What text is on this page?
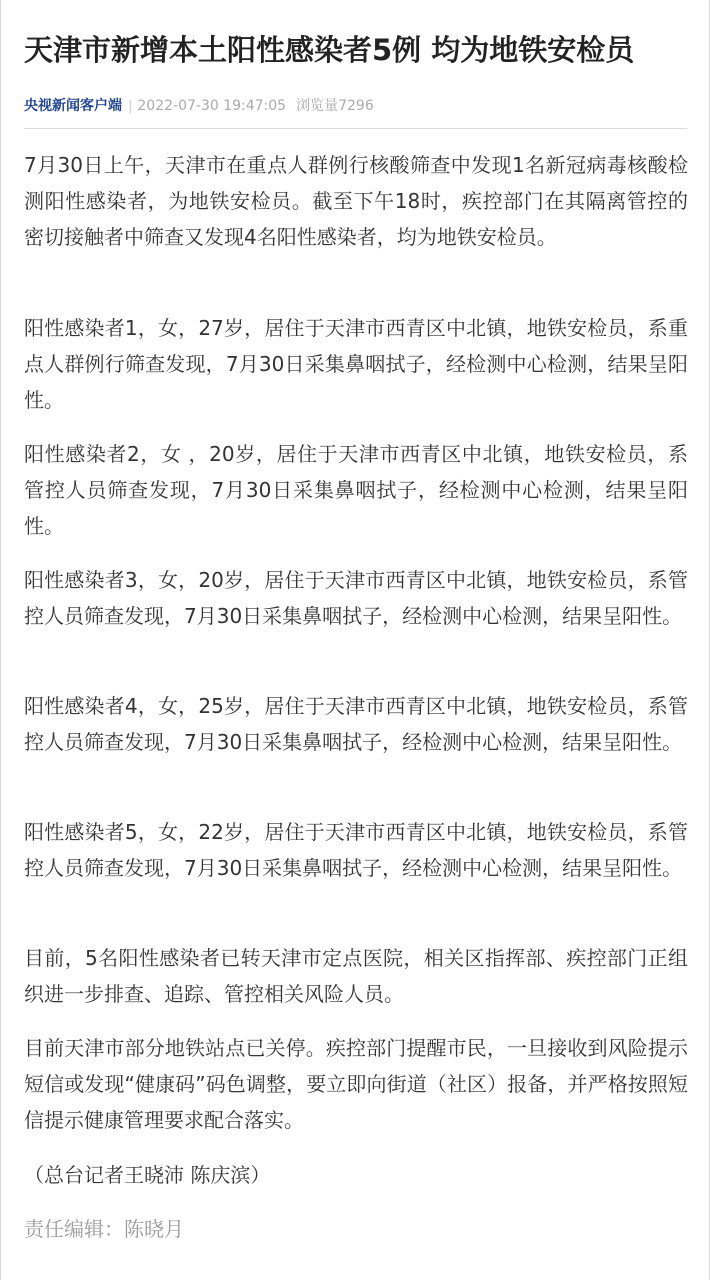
天津市新增本土阳性感染者5例 均为地铁安检员
央视新闻客户端 | 2022-07-30 19:47:05 浏览量7296

7月30日上午，天津市在重点人群例行核酸筛查中发现1名新冠病毒核酸检测阳性感染者，为地铁安检员。截至下午18时，疾控部门在其隔离管控的密切接触者中筛查又发现4名阳性感染者，均为地铁安检员。

阳性感染者1，女，27岁，居住于天津市西青区中北镇，地铁安检员，系重点人群例行筛查发现，7月30日采集鼻咽拭子，经检测中心检测，结果呈阳性。

阳性感染者2，女 ，20岁，居住于天津市西青区中北镇，地铁安检员，系管控人员筛查发现，7月30日采集鼻咽拭子，经检测中心检测，结果呈阳性。

阳性感染者3，女，20岁，居住于天津市西青区中北镇，地铁安检员，系管控人员筛查发现，7月30日采集鼻咽拭子，经检测中心检测，结果呈阳性。

阳性感染者4，女，25岁，居住于天津市西青区中北镇，地铁安检员，系管控人员筛查发现，7月30日采集鼻咽拭子，经检测中心检测，结果呈阳性。

阳性感染者5，女，22岁，居住于天津市西青区中北镇，地铁安检员，系管控人员筛查发现，7月30日采集鼻咽拭子，经检测中心检测，结果呈阳性。

目前，5名阳性感染者已转天津市定点医院，相关区指挥部、疾控部门正组织进一步排查、追踪、管控相关风险人员。

目前天津市部分地铁站点已关停。疾控部门提醒市民，一旦接收到风险提示短信或发现“健康码”码色调整，要立即向街道（社区）报备，并严格按照短信提示健康管理要求配合落实。

（总台记者王晓沛 陈庆滨）

责任编辑：陈晓月
